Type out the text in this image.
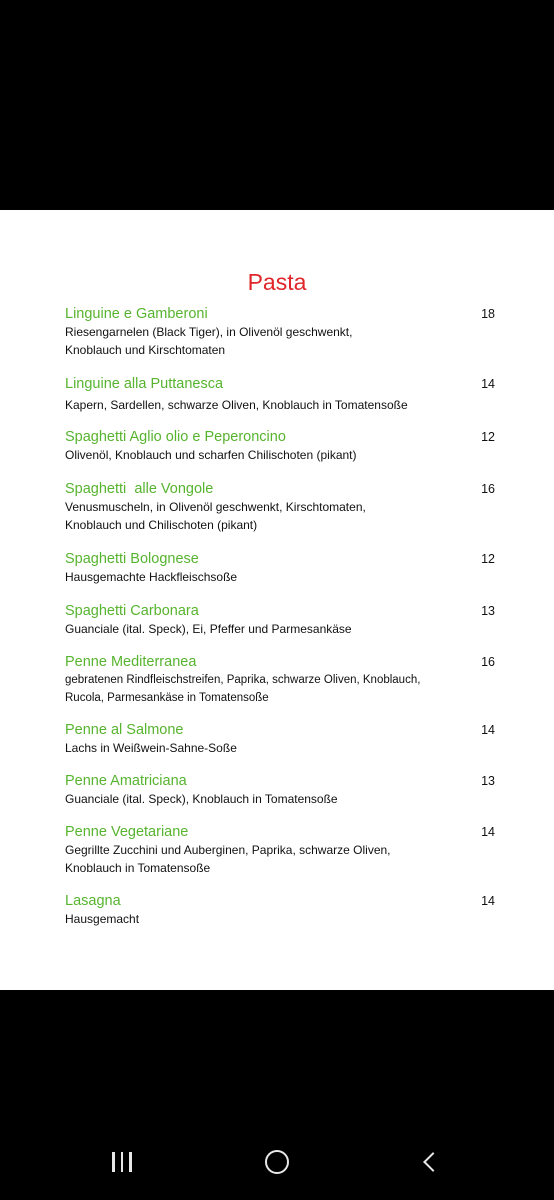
Pasta
Linguine e Gamberoni
Riesengarnelen (Black Tiger), in Olivenöl geschwenkt, Knoblauch und Kirschtomaten
18
Linguine alla Puttanesca
Kapern, Sardellen, schwarze Oliven, Knoblauch in Tomatensoße
14
Spaghetti Aglio olio e Peperoncino
Olivenöl, Knoblauch und scharfen Chilischoten (pikant)
12
Spaghetti  alle Vongole
Venusmuscheln, in Olivenöl geschwenkt, Kirschtomaten, Knoblauch und Chilischoten (pikant)
16
Spaghetti Bolognese
Hausgemachte Hackfleischsoße
12
Spaghetti Carbonara
Guanciale (ital. Speck), Ei, Pfeffer und Parmesankäse
13
Penne Mediterranea
gebratenen Rindfleischstreifen, Paprika, schwarze Oliven, Knoblauch, Rucola, Parmesankäse in Tomatensoße
16
Penne al Salmone
Lachs in Weißwein-Sahne-Soße
14
Penne Amatriciana
Guanciale (ital. Speck), Knoblauch in Tomatensoße
13
Penne Vegetariane
Gegrillte Zucchini und Auberginen, Paprika, schwarze Oliven, Knoblauch in Tomatensoße
14
Lasagna
Hausgemacht
14
